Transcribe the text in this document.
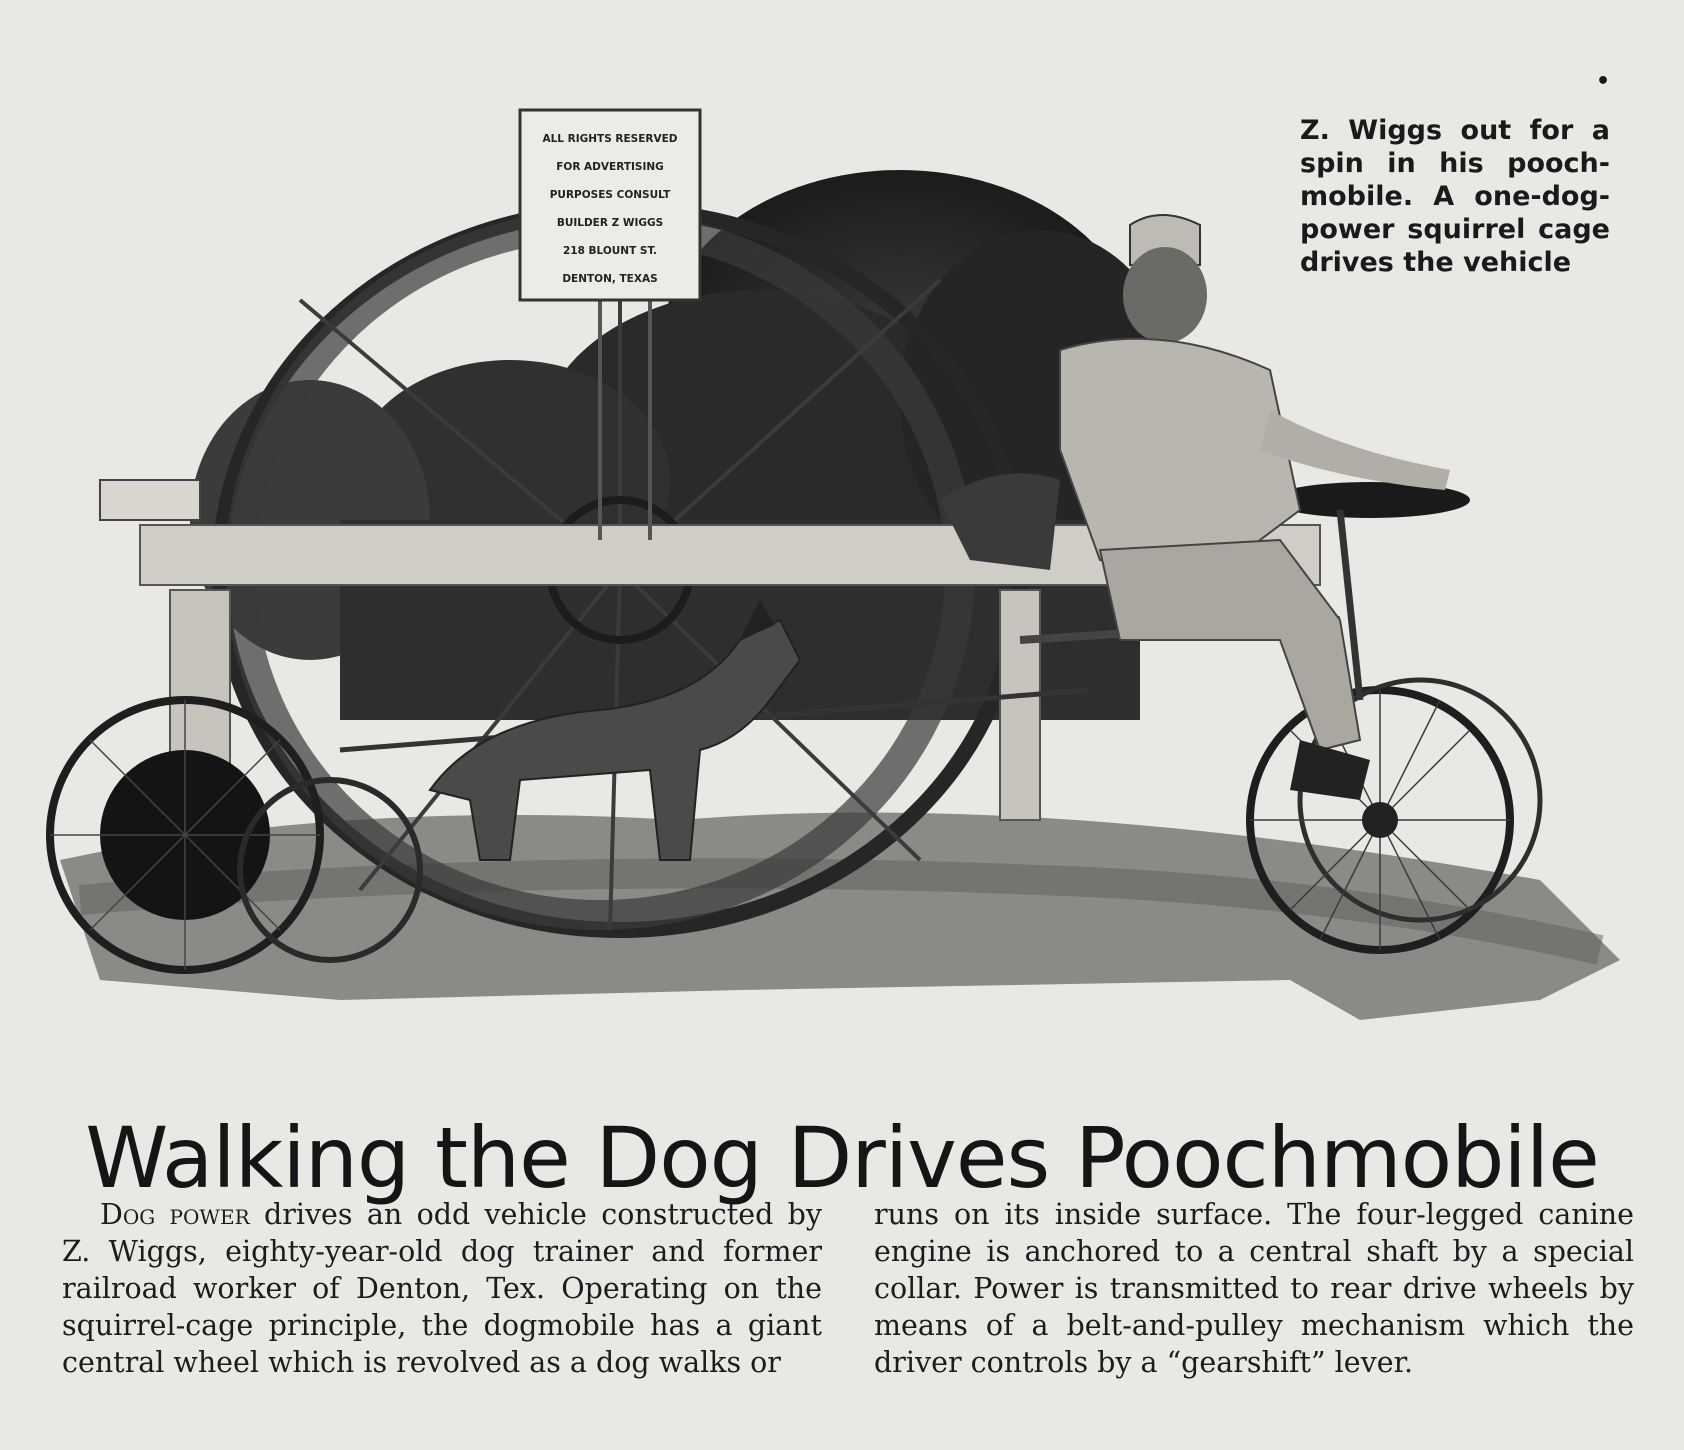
ALL RIGHTS RESERVED
FOR ADVERTISING
PURPOSES CONSULT
BUILDER Z WIGGS
218 BLOUNT ST.
DENTON, TEXAS
•
Z. Wiggs out for a spin in his pooch-mobile. A one-dog-power squirrel cage drives the vehicle
Walking the Dog Drives Poochmobile

Dog power drives an odd vehicle constructed by Z. Wiggs, eighty-year-old dog trainer and former railroad worker of Denton, Tex. Operating on the squirrel-cage principle, the dogmobile has a giant central wheel which is revolved as a dog walks or

runs on its inside surface. The four-legged canine engine is anchored to a central shaft by a special collar. Power is transmitted to rear drive wheels by means of a belt-and-pulley mechanism which the driver controls by a “gearshift” lever.
